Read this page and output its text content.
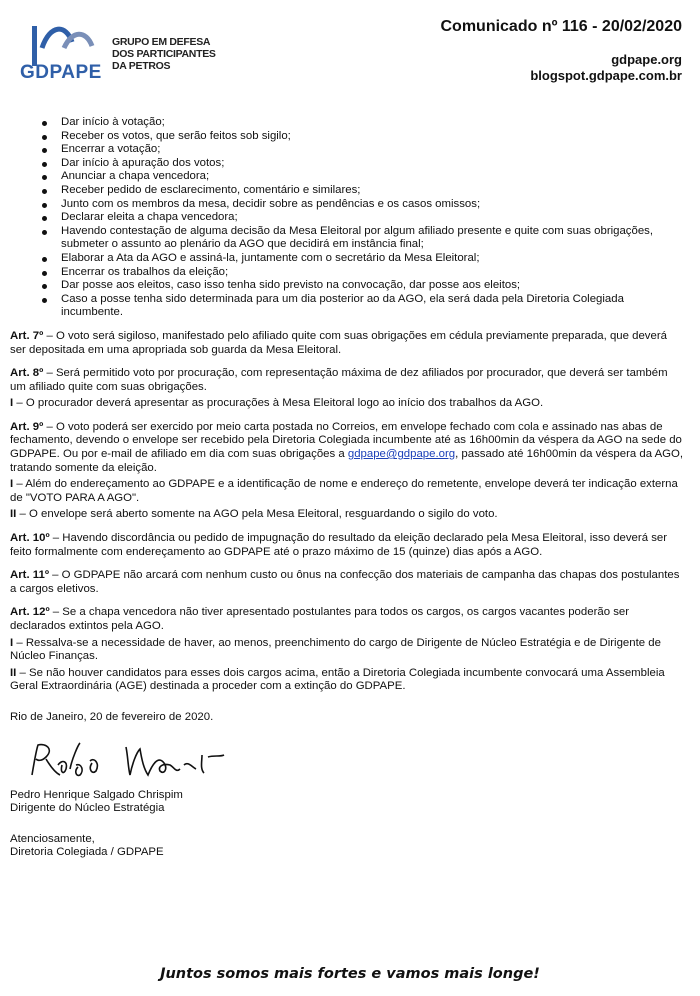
GDPAPE
GRUPO EM DEFESA
DOS PARTICIPANTES
DA PETROS
Comunicado nº 116 - 20/02/2020
gdpape.org
blogspot.gdpape.com.br
Dar início à votação;
Receber os votos, que serão feitos sob sigilo;
Encerrar a votação;
Dar início à apuração dos votos;
Anunciar a chapa vencedora;
Receber pedido de esclarecimento, comentário e similares;
Junto com os membros da mesa, decidir sobre as pendências e os casos omissos;
Declarar eleita a chapa vencedora;
Havendo contestação de alguma decisão da Mesa Eleitoral por algum afiliado presente e quite com suas obrigações, submeter o assunto ao plenário da AGO que decidirá em instância final;
Elaborar a Ata da AGO e assiná-la, juntamente com o secretário da Mesa Eleitoral;
Encerrar os trabalhos da eleição;
Dar posse aos eleitos, caso isso tenha sido previsto na convocação, dar posse aos eleitos;
Caso a posse tenha sido determinada para um dia posterior ao da AGO, ela será dada pela Diretoria Colegiada incumbente.

Art. 7º – O voto será sigiloso, manifestado pelo afiliado quite com suas obrigações em cédula previamente preparada, que deverá ser depositada em uma apropriada sob guarda da Mesa Eleitoral.

Art. 8º – Será permitido voto por procuração, com representação máxima de dez afiliados por procurador, que deverá ser também um afiliado quite com suas obrigações.

I – O procurador deverá apresentar as procurações à Mesa Eleitoral logo ao início dos trabalhos da AGO.

Art. 9º – O voto poderá ser exercido por meio carta postada no Correios, em envelope fechado com cola e assinado nas abas de fechamento, devendo o envelope ser recebido pela Diretoria Colegiada incumbente até as 16h00min da véspera da AGO na sede do GDPAPE. Ou por e-mail de afiliado em dia com suas obrigações a gdpape@gdpape.org, passado até 16h00min da véspera da AGO, tratando somente da eleição.

I – Além do endereçamento ao GDPAPE e a identificação de nome e endereço do remetente, envelope deverá ter indicação externa de "VOTO PARA A AGO".

II – O envelope será aberto somente na AGO pela Mesa Eleitoral, resguardando o sigilo do voto.

Art. 10º – Havendo discordância ou pedido de impugnação do resultado da eleição declarado pela Mesa Eleitoral, isso deverá ser feito formalmente com endereçamento ao GDPAPE até o prazo máximo de 15 (quinze) dias após a AGO.

Art. 11º – O GDPAPE não arcará com nenhum custo ou ônus na confecção dos materiais de campanha das chapas dos postulantes a cargos eletivos.

Art. 12º – Se a chapa vencedora não tiver apresentado postulantes para todos os cargos, os cargos vacantes poderão ser declarados extintos pela AGO.

I – Ressalva-se a necessidade de haver, ao menos, preenchimento do cargo de Dirigente de Núcleo Estratégia e de Dirigente de Núcleo Finanças.

II – Se não houver candidatos para esses dois cargos acima, então a Diretoria Colegiada incumbente convocará uma Assembleia Geral Extraordinária (AGE) destinada a proceder com a extinção do GDPAPE.

Rio de Janeiro, 20 de fevereiro de 2020.

Pedro Henrique Salgado Chrispim

Dirigente do Núcleo Estratégia

Atenciosamente,

Diretoria Colegiada / GDPAPE

Juntos somos mais fortes e vamos mais longe!
